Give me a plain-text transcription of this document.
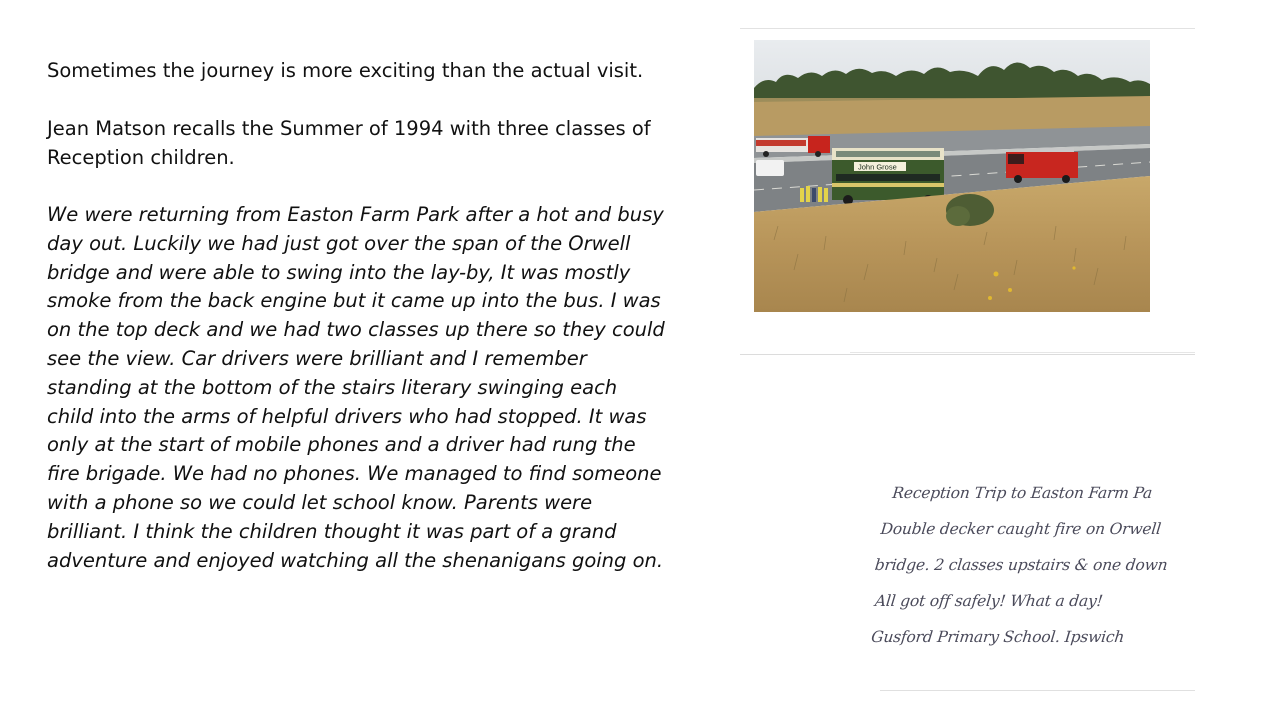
Sometimes the journey is more exciting than the actual visit.

Jean Matson recalls the Summer of 1994 with three classes of

Reception children.

We were returning from Easton Farm Park after a hot and busy
day out. Luckily we had just got over the span of the Orwell
bridge and were able to swing into the lay-by, It was mostly
smoke from the back engine but it came up into the bus. I was
on the top deck and we had two classes up there so they could
see the view. Car drivers were brilliant and I remember
standing at the bottom of the stairs literary swinging each
child into the arms of helpful drivers who had stopped. It was
only at the start of mobile phones and a driver had rung the
fire brigade. We had no phones. We managed to find someone
with a phone so we could let school know. Parents were
brilliant. I think the children thought it was part of a grand
adventure and enjoyed watching all the shenanigans going on.

John Grose
Reception Trip to Easton Farm Pa
Double decker caught fire on Orwell
bridge. 2 classes upstairs & one down
All got off safely! What a day!
Gusford Primary School. Ipswich
